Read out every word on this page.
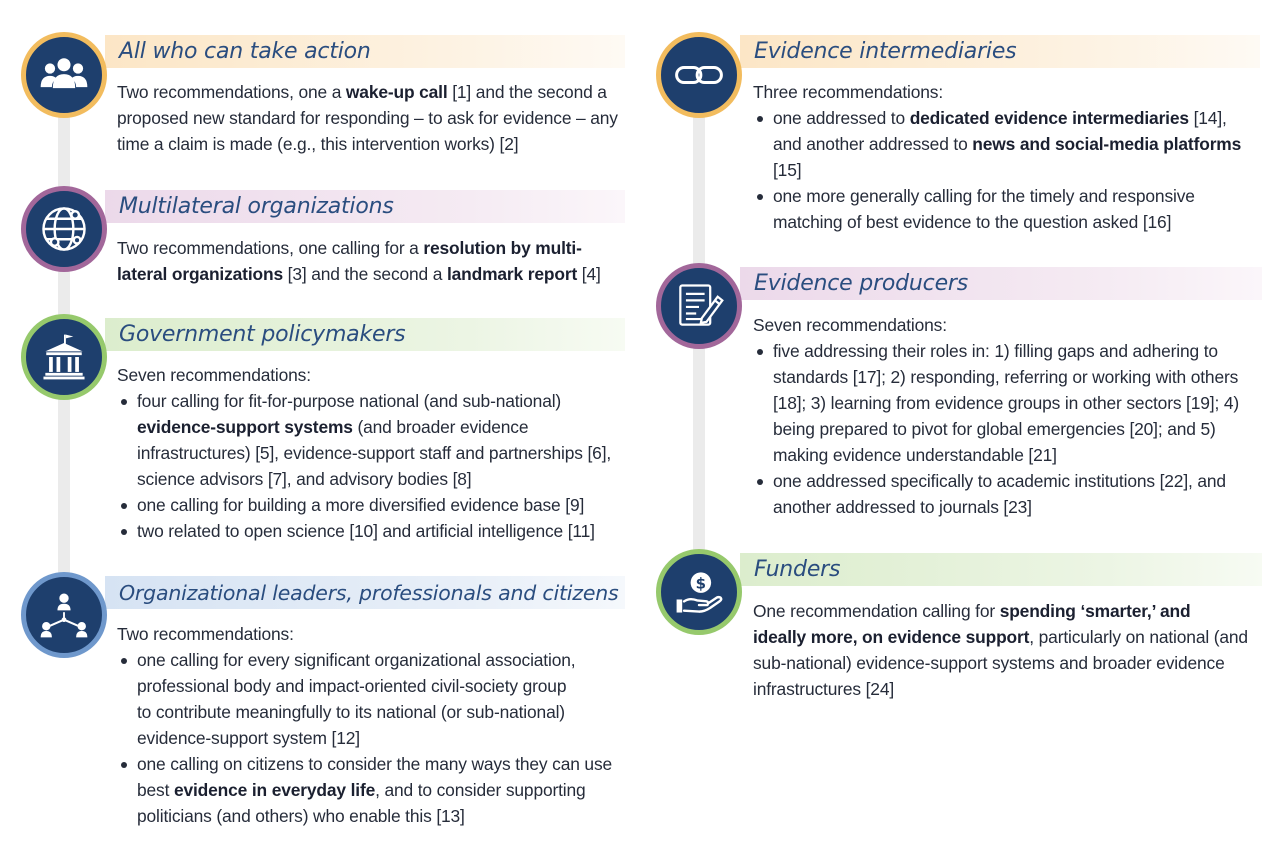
All who can take action
Two recommendations, one a wake-up call [1] and the second a proposed new standard for responding – to ask for evidence – any time a claim is made (e.g., this intervention works) [2]
Multilateral organizations
Two recommendations, one calling for a resolution by multi-lateral organizations [3] and the second a landmark report [4]
Government policymakers
Seven recommendations:
four calling for fit-for-purpose national (and sub-national) evidence-support systems (and broader evidence infrastructures) [5], evidence-support staff and partnerships [6], science advisors [7], and advisory bodies [8]
one calling for building a more diversified evidence base [9]
two related to open science [10] and artificial intelligence [11]
Organizational leaders, professionals and citizens
Two recommendations:
one calling for every significant organizational association, professional body and impact-oriented civil-society group to contribute meaningfully to its national (or sub-national) evidence-support system [12]
one calling on citizens to consider the many ways they can use best evidence in everyday life, and to consider supporting politicians (and others) who enable this [13]
Evidence intermediaries
Three recommendations:
one addressed to dedicated evidence intermediaries [14], and another addressed to news and social-media platforms [15]
one more generally calling for the timely and responsive matching of best evidence to the question asked [16]
Evidence producers
Seven recommendations:
five addressing their roles in: 1) filling gaps and adhering to standards [17]; 2) responding, referring or working with others [18]; 3) learning from evidence groups in other sectors [19]; 4) being prepared to pivot for global emergencies [20]; and 5) making evidence understandable [21]
one addressed specifically to academic institutions [22], and another addressed to journals [23]
Funders
$
One recommendation calling for spending ‘smarter,’ and ideally more, on evidence support, particularly on national (and sub-national) evidence-support systems and broader evidence infrastructures [24]
